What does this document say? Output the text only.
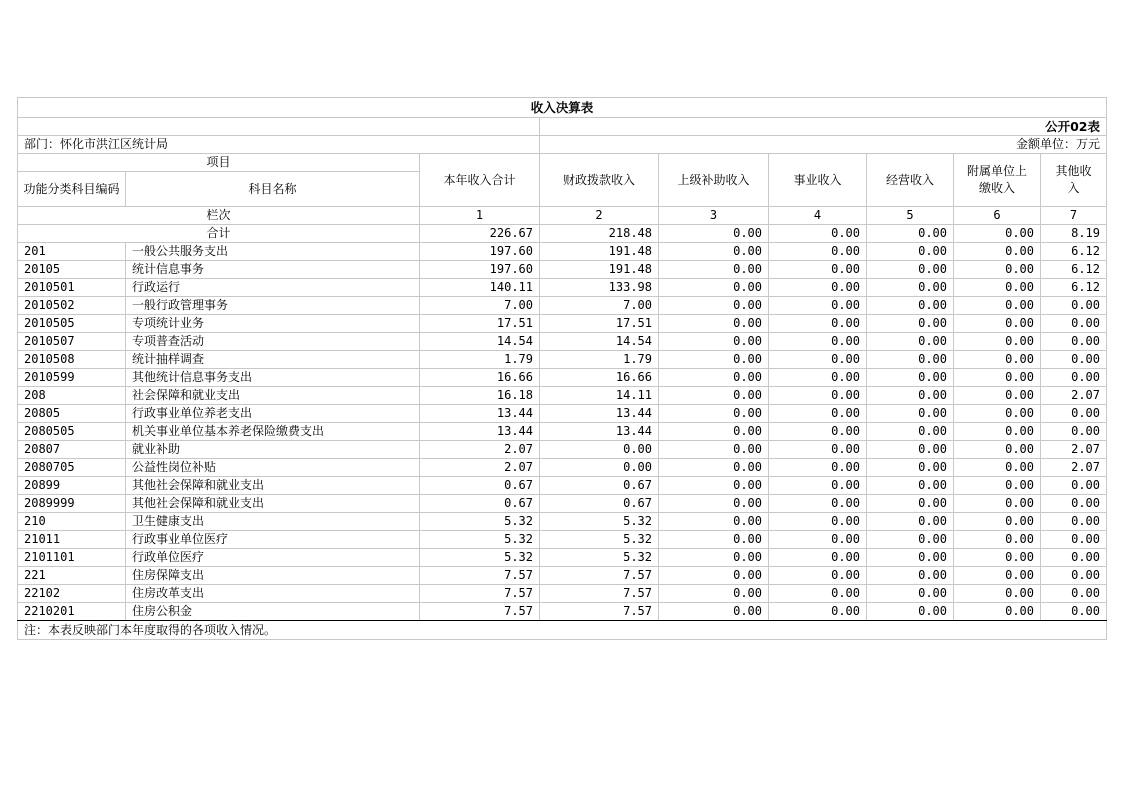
收入决算表								
			公开02表					
部门：怀化市洪江区统计局			金额单位：万元					
项目		本年收入合计	财政拨款收入	上级补助收入	事业收入	经营收入	附属单位上缴收入	其他收入
功能分类科目编码	科目名称							
栏次		1	2	3	4	5	6	7
合计		226.67	218.48	0.00	0.00	0.00	0.00	8.19
201	一般公共服务支出	197.60	191.48	0.00	0.00	0.00	0.00	6.12
20105	统计信息事务	197.60	191.48	0.00	0.00	0.00	0.00	6.12
2010501	行政运行	140.11	133.98	0.00	0.00	0.00	0.00	6.12
2010502	一般行政管理事务	7.00	7.00	0.00	0.00	0.00	0.00	0.00
2010505	专项统计业务	17.51	17.51	0.00	0.00	0.00	0.00	0.00
2010507	专项普查活动	14.54	14.54	0.00	0.00	0.00	0.00	0.00
2010508	统计抽样调查	1.79	1.79	0.00	0.00	0.00	0.00	0.00
2010599	其他统计信息事务支出	16.66	16.66	0.00	0.00	0.00	0.00	0.00
208	社会保障和就业支出	16.18	14.11	0.00	0.00	0.00	0.00	2.07
20805	行政事业单位养老支出	13.44	13.44	0.00	0.00	0.00	0.00	0.00
2080505	机关事业单位基本养老保险缴费支出	13.44	13.44	0.00	0.00	0.00	0.00	0.00
20807	就业补助	2.07	0.00	0.00	0.00	0.00	0.00	2.07
2080705	公益性岗位补贴	2.07	0.00	0.00	0.00	0.00	0.00	2.07
20899	其他社会保障和就业支出	0.67	0.67	0.00	0.00	0.00	0.00	0.00
2089999	其他社会保障和就业支出	0.67	0.67	0.00	0.00	0.00	0.00	0.00
210	卫生健康支出	5.32	5.32	0.00	0.00	0.00	0.00	0.00
21011	行政事业单位医疗	5.32	5.32	0.00	0.00	0.00	0.00	0.00
2101101	行政单位医疗	5.32	5.32	0.00	0.00	0.00	0.00	0.00
221	住房保障支出	7.57	7.57	0.00	0.00	0.00	0.00	0.00
22102	住房改革支出	7.57	7.57	0.00	0.00	0.00	0.00	0.00
2210201	住房公积金	7.57	7.57	0.00	0.00	0.00	0.00	0.00
注：本表反映部门本年度取得的各项收入情况。								
